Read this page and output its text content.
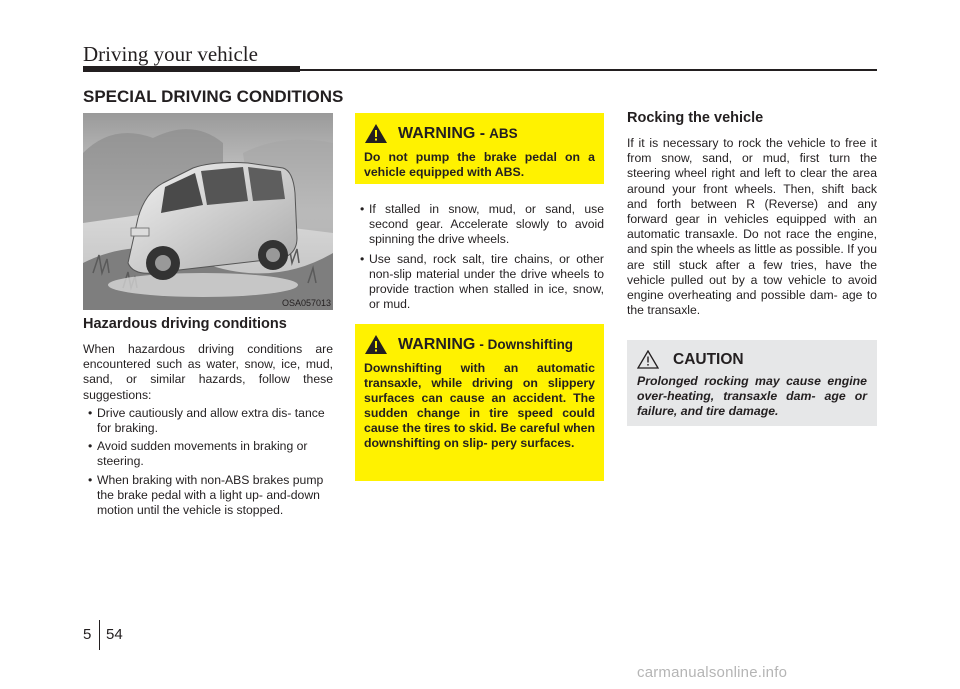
Driving your vehicle
SPECIAL DRIVING CONDITIONS
OSA057013

Hazardous driving conditions

When hazardous driving conditions are encountered such as water, snow, ice, mud, sand, or similar hazards, follow these suggestions:

• Drive cautiously and allow extra dis- tance for braking.
• Avoid sudden movements in braking or steering.
• When braking with non-ABS brakes pump the brake pedal with a light up- and-down motion until the vehicle is stopped.
WARNING - ABS

Do not pump the brake pedal on a vehicle equipped with ABS.

• If stalled in snow, mud, or sand, use second gear. Accelerate slowly to avoid spinning the drive wheels.
• Use sand, rock salt, tire chains, or other non-slip material under the drive wheels to provide traction when stalled in ice, snow, or mud.
WARNING - Downshifting

Downshifting with an automatic transaxle, while driving on slippery surfaces can cause an accident. The sudden change in tire speed could cause the tires to skid. Be careful when downshifting on slip- pery surfaces.

Rocking the vehicle

If it is necessary to rock the vehicle to free it from snow, sand, or mud, first turn the steering wheel right and left to clear the area around your front wheels. Then, shift back and forth between R (Reverse) and any forward gear in vehicles equipped with an automatic transaxle. Do not race the engine, and spin the wheels as little as possible. If you are still stuck after a few tries, have the vehicle pulled out by a tow vehicle to avoid engine overheating and possible dam- age to the transaxle.

CAUTION

Prolonged rocking may cause engine over-heating, transaxle dam- age or failure, and tire damage.

5 54
carmanualsonline.info
